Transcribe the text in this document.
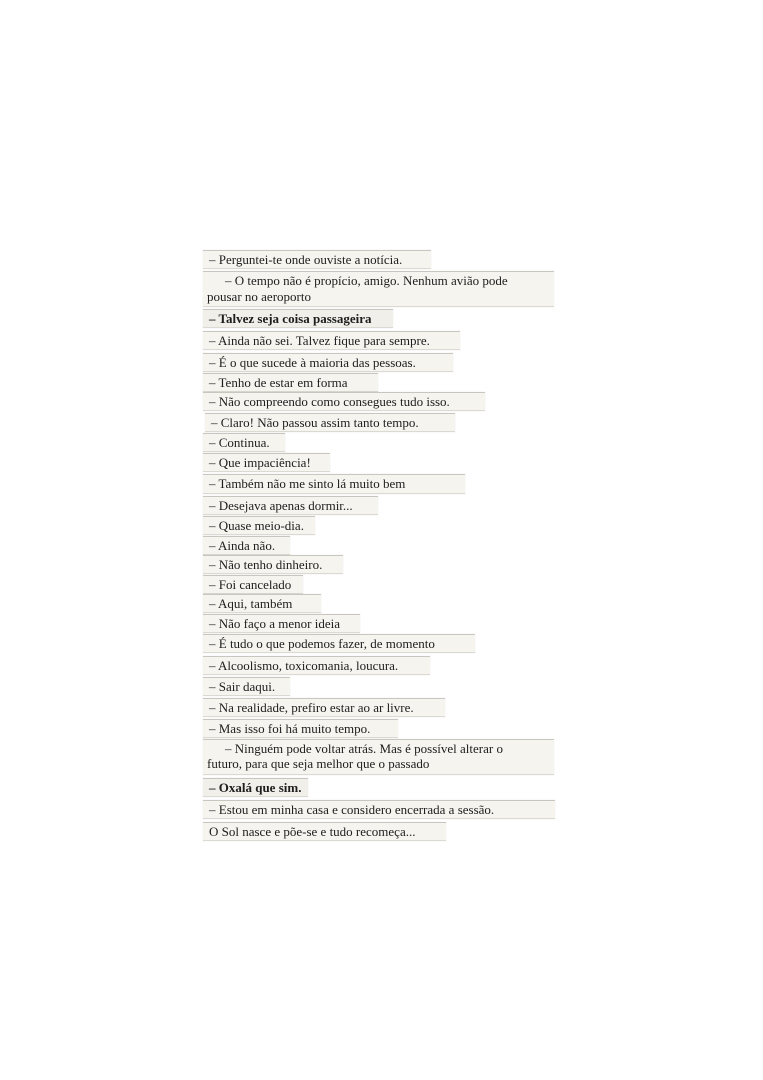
– Perguntei-te onde ouviste a notícia.
– O tempo não é propício, amigo. Nenhum avião pode
pousar no aeroporto
– Talvez seja coisa passageira
– Ainda não sei. Talvez fique para sempre.
– É o que sucede à maioria das pessoas.
– Tenho de estar em forma
– Não compreendo como consegues tudo isso.
– Claro! Não passou assim tanto tempo.
– Continua.
– Que impaciência!
– Também não me sinto lá muito bem
– Desejava apenas dormir...
– Quase meio-dia.
– Ainda não.
– Não tenho dinheiro.
– Foi cancelado
– Aqui, também
– Não faço a menor ideia
– É tudo o que podemos fazer, de momento
– Alcoolismo, toxicomania, loucura.
– Sair daqui.
– Na realidade, prefiro estar ao ar livre.
– Mas isso foi há muito tempo.
– Ninguém pode voltar atrás. Mas é possível alterar o
futuro, para que seja melhor que o passado
– Oxalá que sim.
– Estou em minha casa e considero encerrada a sessão.
O Sol nasce e põe-se e tudo recomeça...
